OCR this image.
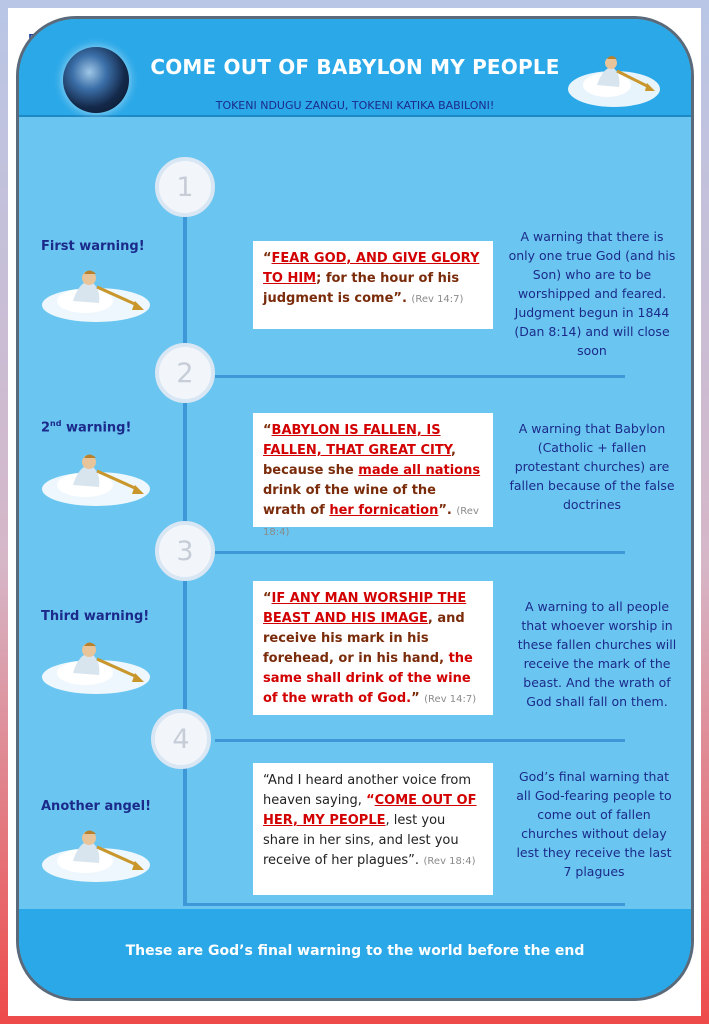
COME OUT OF BABYLON MY PEOPLE
TOKENI NDUGU ZANGU, TOKENI KATIKA BABILONI!
1
First warning!
“FEAR GOD, AND GIVE GLORY TO HIM; for the hour of his judgment is come”. (Rev 14:7)
A warning that there is only one true God (and his Son) who are to be worshipped and feared. Judgment begun in 1844 (Dan 8:14) and will close soon
2
2nd warning!	“BABYLON IS FALLEN, IS FALLEN, THAT GREAT CITY, because she made all nations drink of the wine of the wrath of her fornication”. (Rev 18:4)
A warning that Babylon (Catholic + fallen protestant churches) are fallen because of the false doctrines
3
Third warning!
“IF ANY MAN WORSHIP THE BEAST AND HIS IMAGE, and receive his mark in his forehead, or in his hand, the same shall drink of the wine of the wrath of God.” (Rev 14:7)
A warning to all people that whoever worship in these fallen churches will receive the mark of the beast. And the wrath of God shall fall on them.
4
Another angel!
“And I heard another voice from heaven saying, “COME OUT OF HER, MY PEOPLE, lest you share in her sins, and lest you receive of her plagues”. (Rev 18:4)
God’s final warning that all God-fearing people to come out of fallen churches without delay lest they receive the last 7 plagues
These are God’s final warning to the world before the end
